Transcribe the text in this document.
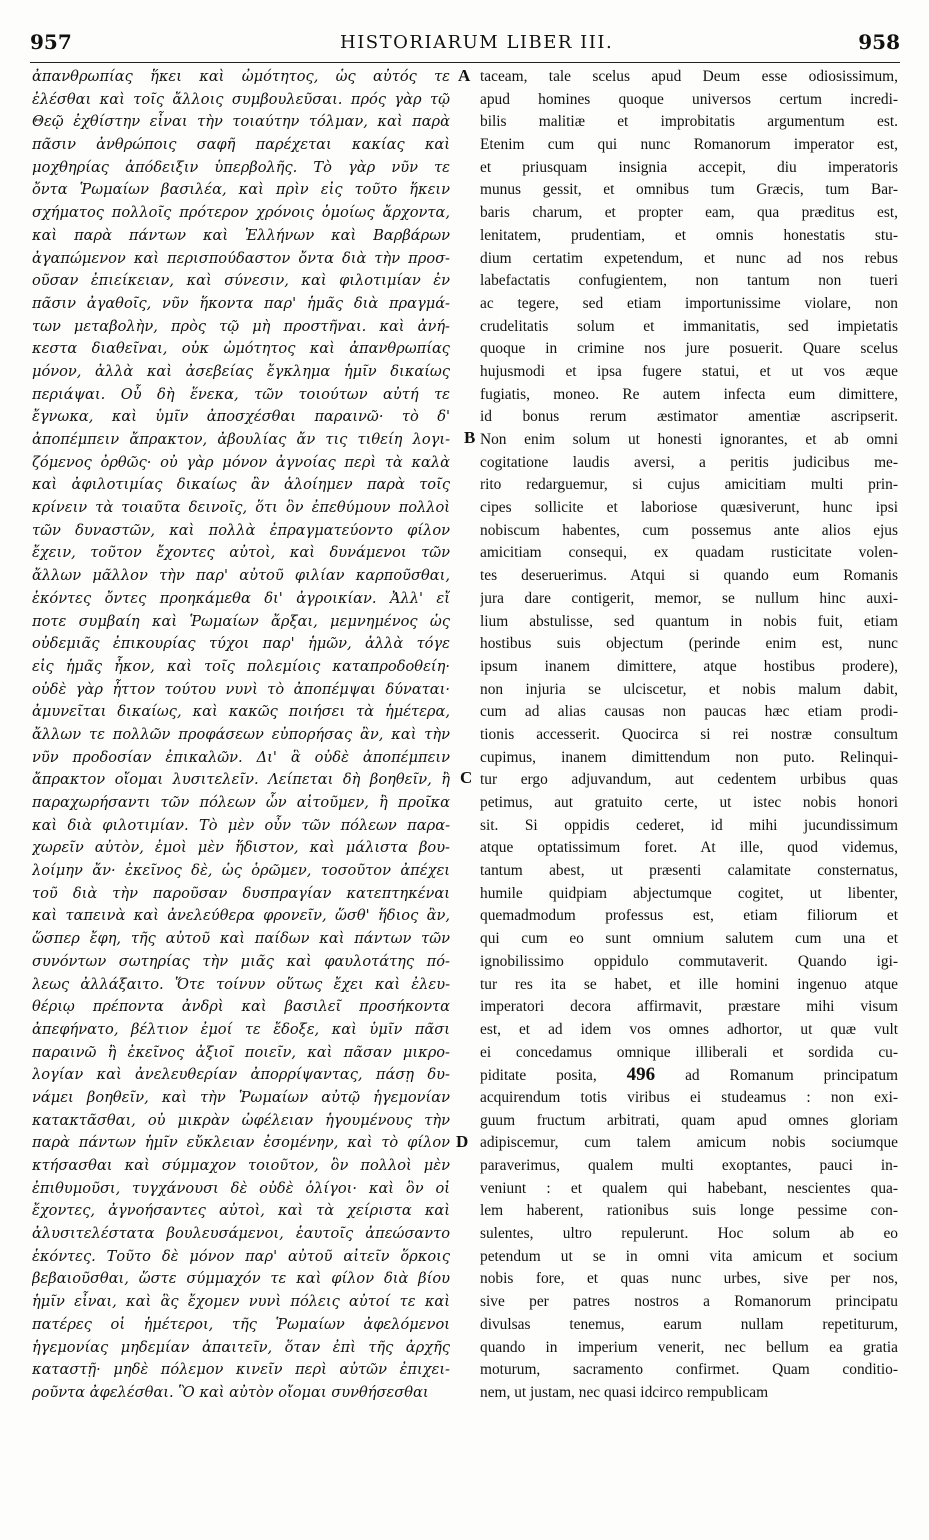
957	HISTORIARUM LIBER III.	958
ἀπανθρωπίας ἥκει καὶ ὠμότητος, ὡς αὐτός τε
ἐλέσθαι καὶ τοῖς ἄλλοις συμβουλεῦσαι. πρός γὰρ τῷ
Θεῷ ἐχθίστην εἶναι τὴν τοιαύτην τόλμαν, καὶ παρὰ
πᾶσιν ἀνθρώποις σαφῆ παρέχεται κακίας καὶ
μοχθηρίας ἀπόδειξιν ὑπερβολῆς. Τὸ γὰρ νῦν τε
ὄντα Ῥωμαίων βασιλέα, καὶ πρὶν εἰς τοῦτο ἥκειν
σχήματος πολλοῖς πρότερον χρόνοις ὁμοίως ἄρχοντα,
καὶ παρὰ πάντων καὶ Ἑλλήνων καὶ Βαρβάρων
ἀγαπώμενον καὶ περισπούδαστον ὄντα διὰ τὴν προσ-
οῦσαν ἐπιείκειαν, καὶ σύνεσιν, καὶ φιλοτιμίαν ἐν
πᾶσιν ἀγαθοῖς, νῦν ἥκοντα παρ' ἡμᾶς διὰ πραγμά-
των μεταβολὴν, πρὸς τῷ μὴ προστῆναι. καὶ ἀνή-
κεστα διαθεῖναι, οὐκ ὠμότητος καὶ ἀπανθρωπίας
μόνον, ἀλλὰ καὶ ἀσεβείας ἔγκλημα ἡμῖν δικαίως
περιάψαι. Οὗ δὴ ἕνεκα, τῶν τοιούτων αὐτή τε
ἔγνωκα, καὶ ὑμῖν ἀποσχέσθαι παραινῶ· τὸ δ'
ἀποπέμπειν ἄπρακτον, ἀβουλίας ἄν τις τιθείη λογι-
ζόμενος ὀρθῶς· οὐ γὰρ μόνον ἀγνοίας περὶ τὰ καλὰ
καὶ ἀφιλοτιμίας δικαίως ἂν ἁλοίημεν παρὰ τοῖς
κρίνειν τὰ τοιαῦτα δεινοῖς, ὅτι ὃν ἐπεθύμουν πολλοὶ
τῶν δυναστῶν, καὶ πολλὰ ἐπραγματεύοντο φίλον
ἔχειν, τοῦτον ἔχοντες αὐτοὶ, καὶ δυνάμενοι τῶν
ἄλλων μᾶλλον τὴν παρ' αὐτοῦ φιλίαν καρποῦσθαι,
ἑκόντες ὄντες προηκάμεθα δι' ἀγροικίαν. Ἀλλ' εἴ
ποτε συμβαίη καὶ Ῥωμαίων ἄρξαι, μεμνημένος ὡς
οὐδεμιᾶς ἐπικουρίας τύχοι παρ' ἡμῶν, ἀλλὰ τόγε
εἰς ἡμᾶς ἧκον, καὶ τοῖς πολεμίοις καταπροδοθείη·
οὐδὲ γὰρ ἧττον τούτου νυνὶ τὸ ἀποπέμψαι δύναται·
ἀμυνεῖται δικαίως, καὶ κακῶς ποιήσει τὰ ἡμέτερα,
ἄλλων τε πολλῶν προφάσεων εὐπορήσας ἂν, καὶ τὴν
νῦν προδοσίαν ἐπικαλῶν. Δι' ἃ οὐδὲ ἀποπέμπειν
ἄπρακτον οἴομαι λυσιτελεῖν. Λείπεται δὴ βοηθεῖν, ἢ
παραχωρήσαντι τῶν πόλεων ὧν αἰτοῦμεν, ἢ προῖκα
καὶ διὰ φιλοτιμίαν. Τὸ μὲν οὖν τῶν πόλεων παρα-
χωρεῖν αὐτὸν, ἐμοὶ μὲν ἥδιστον, καὶ μάλιστα βου-
λοίμην ἄν· ἐκεῖνος δὲ, ὡς ὁρῶμεν, τοσοῦτον ἀπέχει
τοῦ διὰ τὴν παροῦσαν δυσπραγίαν κατεπτηκέναι
καὶ ταπεινὰ καὶ ἀνελεύθερα φρονεῖν, ὥσθ' ἥδιος ἂν,
ὥσπερ ἔφη, τῆς αὐτοῦ καὶ παίδων καὶ πάντων τῶν
συνόντων σωτηρίας τὴν μιᾶς καὶ φαυλοτάτης πό-
λεως ἀλλάξαιτο. Ὅτε τοίνυν οὕτως ἔχει καὶ ἐλευ-
θέριῳ πρέποντα ἀνδρὶ καὶ βασιλεῖ προσήκοντα
ἀπεφήνατο, βέλτιον ἐμοί τε ἔδοξε, καὶ ὑμῖν πᾶσι
παραινῶ ἢ ἐκεῖνος ἀξιοῖ ποιεῖν, καὶ πᾶσαν μικρο-
λογίαν καὶ ἀνελευθερίαν ἀπορρίψαντας, πάσῃ δυ-
νάμει βοηθεῖν, καὶ τὴν Ῥωμαίων αὐτῷ ἡγεμονίαν
κατακτᾶσθαι, οὐ μικρὰν ὠφέλειαν ἡγουμένους τὴν
παρὰ πάντων ἡμῖν εὔκλειαν ἐσομένην, καὶ τὸ φίλον
κτήσασθαι καὶ σύμμαχον τοιοῦτον, ὃν πολλοὶ μὲν
ἐπιθυμοῦσι, τυγχάνουσι δὲ οὐδὲ ὀλίγοι· καὶ ὃν οἱ
ἔχοντες, ἀγνοήσαντες αὐτοὶ, καὶ τὰ χείριστα καὶ
ἀλυσιτελέστατα βουλευσάμενοι, ἑαυτοῖς ἀπεώσαντο
ἑκόντες. Τοῦτο δὲ μόνον παρ' αὐτοῦ αἰτεῖν ὅρκοις
βεβαιοῦσθαι, ὥστε σύμμαχόν τε καὶ φίλον διὰ βίου
ἡμῖν εἶναι, καὶ ἃς ἔχομεν νυνὶ πόλεις αὐτοί τε καὶ
πατέρες οἱ ἡμέτεροι, τῆς Ῥωμαίων ἀφελόμενοι
ἡγεμονίας μηδεμίαν ἀπαιτεῖν, ὅταν ἐπὶ τῆς ἀρχῆς
καταστῇ· μηδὲ πόλεμον κινεῖν περὶ αὐτῶν ἐπιχει-
ροῦντα ἀφελέσθαι. Ὃ καὶ αὐτὸν οἴομαι συνθήσεσθαι
taceam, tale scelus apud Deum esse odiosissimum,
apud homines quoque universos certum incredi-
bilis malitiæ et improbitatis argumentum est.
Etenim cum qui nunc Romanorum imperator est,
et priusquam insignia accepit, diu imperatoris
munus gessit, et omnibus tum Græcis, tum Bar-
baris charum, et propter eam, qua præditus est,
lenitatem, prudentiam, et omnis honestatis stu-
dium certatim expetendum, et nunc ad nos rebus
labefactatis confugientem, non tantum non tueri
ac tegere, sed etiam importunissime violare, non
crudelitatis solum et immanitatis, sed impietatis
quoque in crimine nos jure posuerit. Quare scelus
hujusmodi et ipsa fugere statui, et ut vos æque
fugiatis, moneo. Re autem infecta eum dimittere,
id bonus rerum æstimator amentiæ ascripserit.
Non enim solum ut honesti ignorantes, et ab omni
cogitatione laudis aversi, a peritis judicibus me-
rito redarguemur, si cujus amicitiam multi prin-
cipes sollicite et laboriose quæsiverunt, hunc ipsi
nobiscum habentes, cum possemus ante alios ejus
amicitiam consequi, ex quadam rusticitate volen-
tes deseruerimus. Atqui si quando eum Romanis
jura dare contigerit, memor, se nullum hinc auxi-
lium abstulisse, sed quantum in nobis fuit, etiam
hostibus suis objectum (perinde enim est, nunc
ipsum inanem dimittere, atque hostibus prodere),
non injuria se ulciscetur, et nobis malum dabit,
cum ad alias causas non paucas hæc etiam prodi-
tionis accesserit. Quocirca si rei nostræ consultum
cupimus, inanem dimittendum non puto. Relinqui-
tur ergo adjuvandum, aut cedentem urbibus quas
petimus, aut gratuito certe, ut istec nobis honori
sit. Si oppidis cederet, id mihi jucundissimum
atque optatissimum foret. At ille, quod videmus,
tantum abest, ut præsenti calamitate consternatus,
humile quidpiam abjectumque cogitet, ut libenter,
quemadmodum professus est, etiam filiorum et
qui cum eo sunt omnium salutem cum una et
ignobilissimo oppidulo commutaverit. Quando igi-
tur res ita se habet, et ille homini ingenuo atque
imperatori decora affirmavit, præstare mihi visum
est, et ad idem vos omnes adhortor, ut quæ vult
ei concedamus omnique illiberali et sordida cu-
piditate posita, 496 ad Romanum principatum
acquirendum totis viribus ei studeamus : non exi-
guum fructum arbitrati, quam apud omnes gloriam
adipiscemur, cum talem amicum nobis sociumque
paraverimus, qualem multi exoptantes, pauci in-
veniunt : et qualem qui habebant, nescientes qua-
lem haberent, rationibus suis longe pessime con-
sulentes, ultro repulerunt. Hoc solum ab eo
petendum ut se in omni vita amicum et socium
nobis fore, et quas nunc urbes, sive per nos,
sive per patres nostros a Romanorum principatu
divulsas tenemus, earum nullam repetiturum,
quando in imperium venerit, nec bellum ea gratia
moturum, sacramento confirmet. Quam conditio-
nem, ut justam, nec quasi idcirco rempublicam
A
B
C
D
